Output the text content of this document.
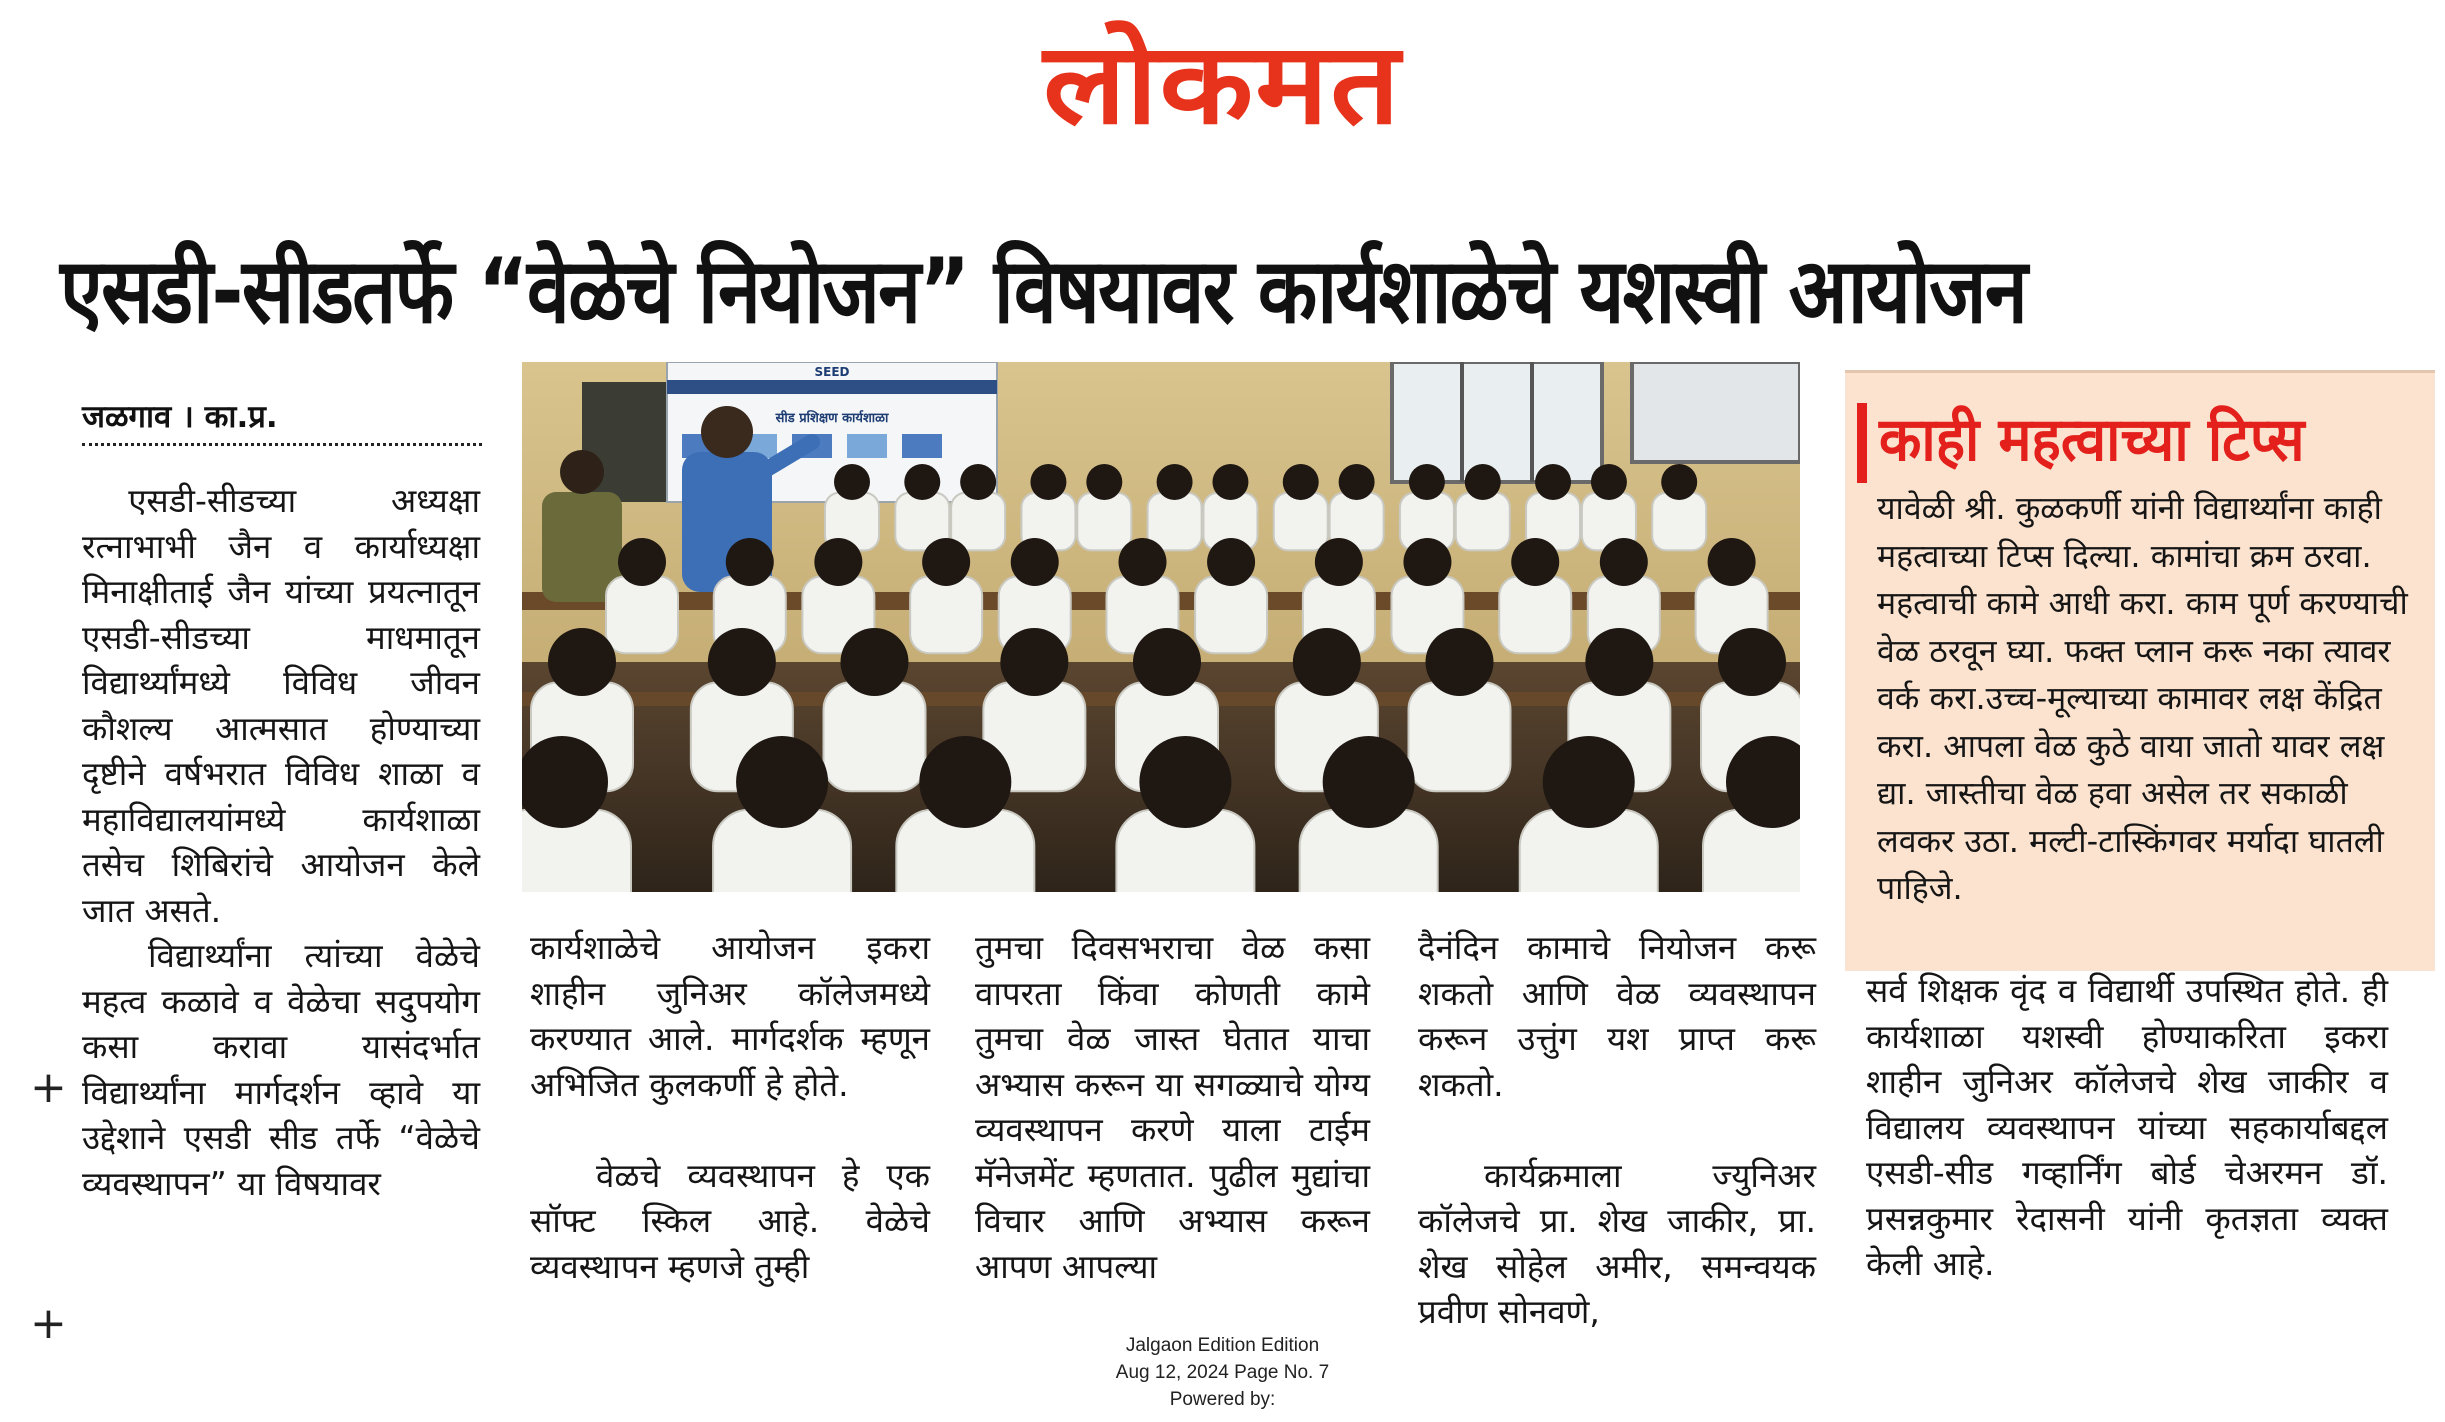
लोकमत
एसडी-सीडतर्फे “वेळेचे नियोजन” विषयावर कार्यशाळेचे यशस्वी आयोजन
जळगाव । का.प्र.

एसडी-सीडच्या अध्यक्षा रत्नाभाभी जैन व कार्याध्यक्षा मिनाक्षीताई जैन यांच्या प्रयत्नातून एसडी-सीडच्या माधमातून विद्यार्थ्यांमध्ये विविध जीवन कौशल्य आत्मसात होण्याच्या दृष्टीने वर्षभरात विविध शाळा व महाविद्यालयांमध्ये कार्यशाळा तसेच शिबिरांचे आयोजन केले जात असते.

विद्यार्थ्यांना त्यांच्या वेळेचे महत्व कळावे व वेळेचा सदुपयोग कसा करावा यासंदर्भात विद्यार्थ्यांना मार्गदर्शन व्हावे या उद्देशाने एसडी सीड तर्फे “वेळेचे व्यवस्थापन” या विषयावर

SEED
सीड प्रशिक्षण कार्यशाळा

कार्यशाळेचे आयोजन इकरा शाहीन जुनिअर कॉलेजमध्ये करण्यात आले. मार्गदर्शक म्हणून अभिजित कुलकर्णी हे होते.

वेळचे व्यवस्थापन हे एक सॉफ्ट स्किल आहे. वेळेचे व्यवस्थापन म्हणजे तुम्ही

तुमचा दिवसभराचा वेळ कसा वापरता किंवा कोणती कामे तुमचा वेळ जास्त घेतात याचा अभ्यास करून या सगळ्याचे योग्य व्यवस्थापन करणे याला टाईम मॅनेजमेंट म्हणतात. पुढील मुद्यांचा विचार आणि अभ्यास करून आपण आपल्या

दैनंदिन कामाचे नियोजन करू शकतो आणि वेळ व्यवस्थापन करून उत्तुंग यश प्राप्त करू शकतो.

कार्यक्रमाला ज्युनिअर कॉलेजचे प्रा. शेख जाकीर, प्रा. शेख सोहेल अमीर, समन्वयक प्रवीण सोनवणे,

काही महत्वाच्या टिप्स
यावेळी श्री. कुळकर्णी यांनी विद्यार्थ्यांना काही महत्वाच्या टिप्स दिल्या. कामांचा क्रम ठरवा. महत्वाची कामे आधी करा. काम पूर्ण करण्याची वेळ ठरवून घ्या. फक्त प्लान करू नका त्यावर वर्क करा.उच्च-मूल्याच्या कामावर लक्ष केंद्रित करा. आपला वेळ कुठे वाया जातो यावर लक्ष द्या. जास्तीचा वेळ हवा असेल तर सकाळी लवकर उठा. मल्टी-टास्किंगवर मर्यादा घातली पाहिजे.

सर्व शिक्षक वृंद व विद्यार्थी उपस्थित होते. ही कार्यशाळा यशस्वी होण्याकरिता इकरा शाहीन जुनिअर कॉलेजचे शेख जाकीर व विद्यालय व्यवस्थापन यांच्या सहकार्याबद्दल एसडी-सीड गव्हार्निंग बोर्ड चेअरमन डॉ. प्रसन्नकुमार रेदासनी यांनी कृतज्ञता व्यक्त केली आहे.

+
+	Jalgaon Edition Edition
Aug 12, 2024 Page No. 7
Powered by:
